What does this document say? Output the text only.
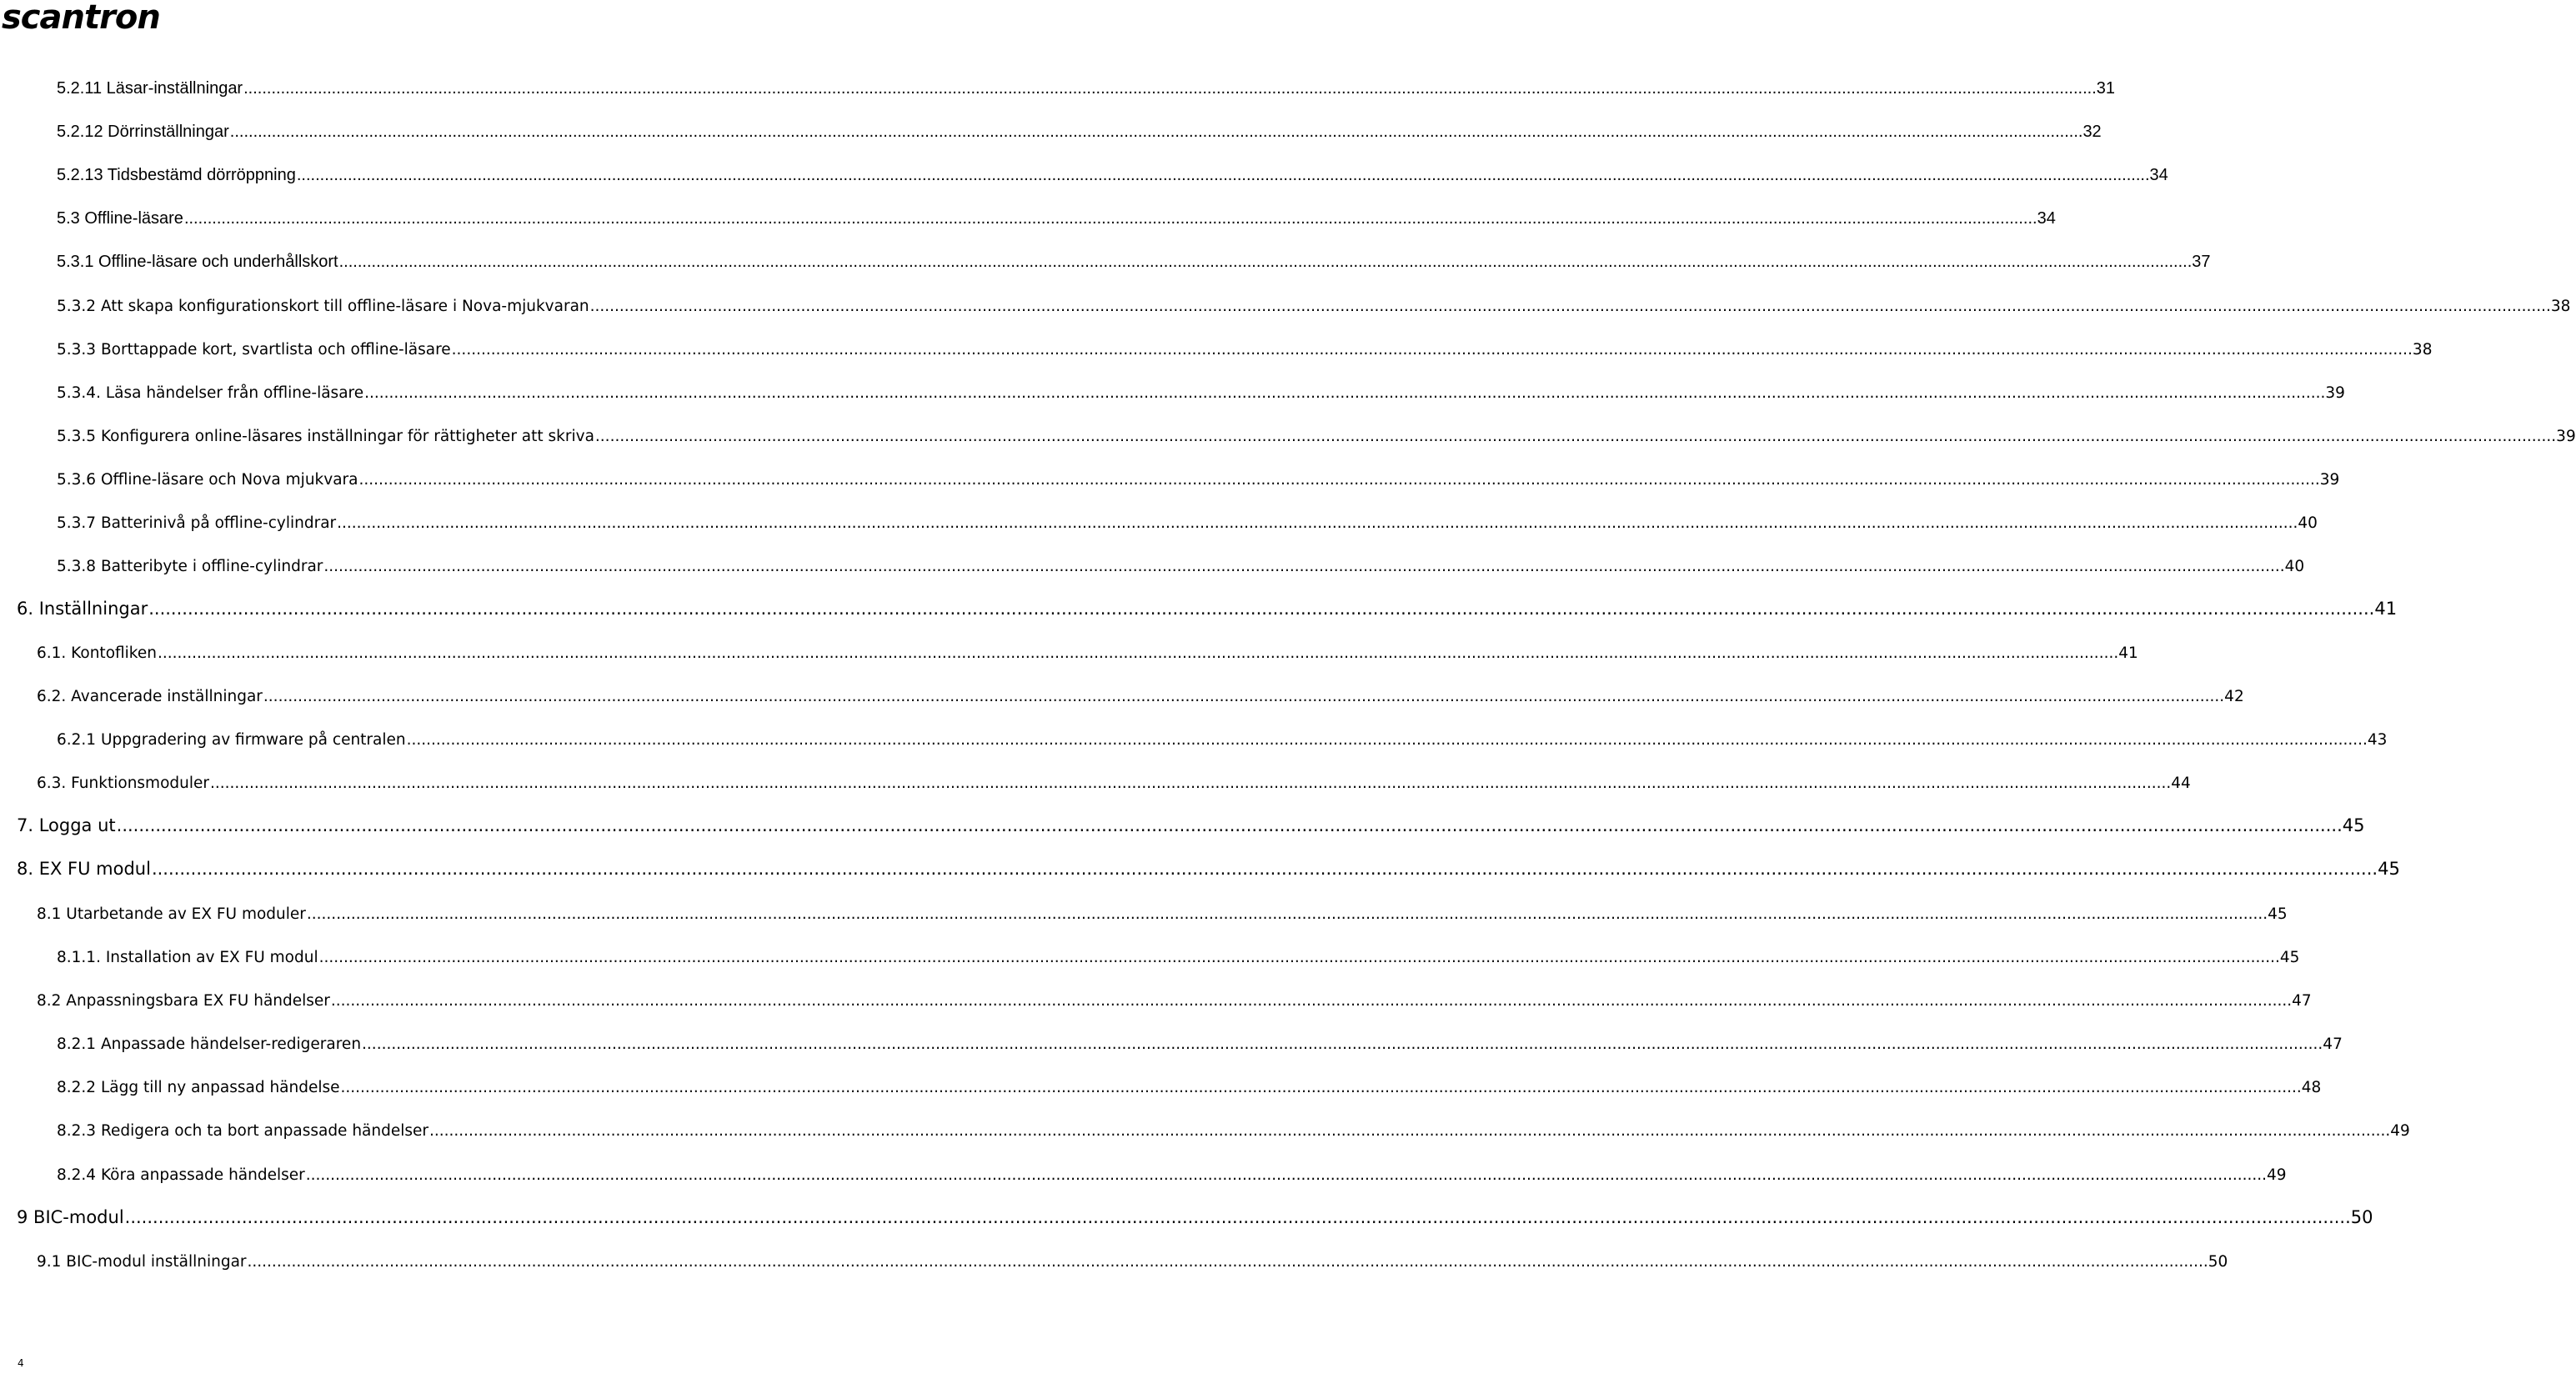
scantron
5.2.11 Läsar-inställningar ................................................................................................................................................................................................................................................................................................................................................................................................................ 31
5.2.12 Dörrinställningar ................................................................................................................................................................................................................................................................................................................................................................................................................ 32
5.2.13 Tidsbestämd dörröppning ................................................................................................................................................................................................................................................................................................................................................................................................................ 34
5.3 Offline-läsare ................................................................................................................................................................................................................................................................................................................................................................................................................ 34
5.3.1 Offline-läsare och underhållskort ................................................................................................................................................................................................................................................................................................................................................................................................................ 37
5.3.2 Att skapa konfigurationskort till offline-läsare i Nova-mjukvaran ................................................................................................................................................................................................................................................................................................................................................................................................................ 38
5.3.3 Borttappade kort, svartlista och offline-läsare ................................................................................................................................................................................................................................................................................................................................................................................................................ 38
5.3.4. Läsa händelser från offline-läsare ................................................................................................................................................................................................................................................................................................................................................................................................................ 39
5.3.5 Konfigurera online-läsares inställningar för rättigheter att skriva ................................................................................................................................................................................................................................................................................................................................................................................................................ 39
5.3.6 Offline-läsare och Nova mjukvara ................................................................................................................................................................................................................................................................................................................................................................................................................ 39
5.3.7 Batterinivå på offline-cylindrar ................................................................................................................................................................................................................................................................................................................................................................................................................ 40
5.3.8 Batteribyte i offline-cylindrar ................................................................................................................................................................................................................................................................................................................................................................................................................ 40
6. Inställningar ................................................................................................................................................................................................................................................................................................................................................................................................................ 41
6.1. Kontofliken ................................................................................................................................................................................................................................................................................................................................................................................................................ 41
6.2. Avancerade inställningar ................................................................................................................................................................................................................................................................................................................................................................................................................ 42
6.2.1 Uppgradering av firmware på centralen ................................................................................................................................................................................................................................................................................................................................................................................................................ 43
6.3. Funktionsmoduler ................................................................................................................................................................................................................................................................................................................................................................................................................ 44
7. Logga ut ................................................................................................................................................................................................................................................................................................................................................................................................................ 45
8. EX FU modul ................................................................................................................................................................................................................................................................................................................................................................................................................ 45
8.1 Utarbetande av EX FU moduler ................................................................................................................................................................................................................................................................................................................................................................................................................ 45
8.1.1. Installation av EX FU modul ................................................................................................................................................................................................................................................................................................................................................................................................................ 45
8.2 Anpassningsbara EX FU händelser ................................................................................................................................................................................................................................................................................................................................................................................................................ 47
8.2.1 Anpassade händelser-redigeraren ................................................................................................................................................................................................................................................................................................................................................................................................................ 47
8.2.2 Lägg till ny anpassad händelse ................................................................................................................................................................................................................................................................................................................................................................................................................ 48
8.2.3 Redigera och ta bort anpassade händelser ................................................................................................................................................................................................................................................................................................................................................................................................................ 49
8.2.4 Köra anpassade händelser ................................................................................................................................................................................................................................................................................................................................................................................................................ 49
9 BIC-modul ................................................................................................................................................................................................................................................................................................................................................................................................................ 50
9.1 BIC-modul inställningar ................................................................................................................................................................................................................................................................................................................................................................................................................ 50
4
